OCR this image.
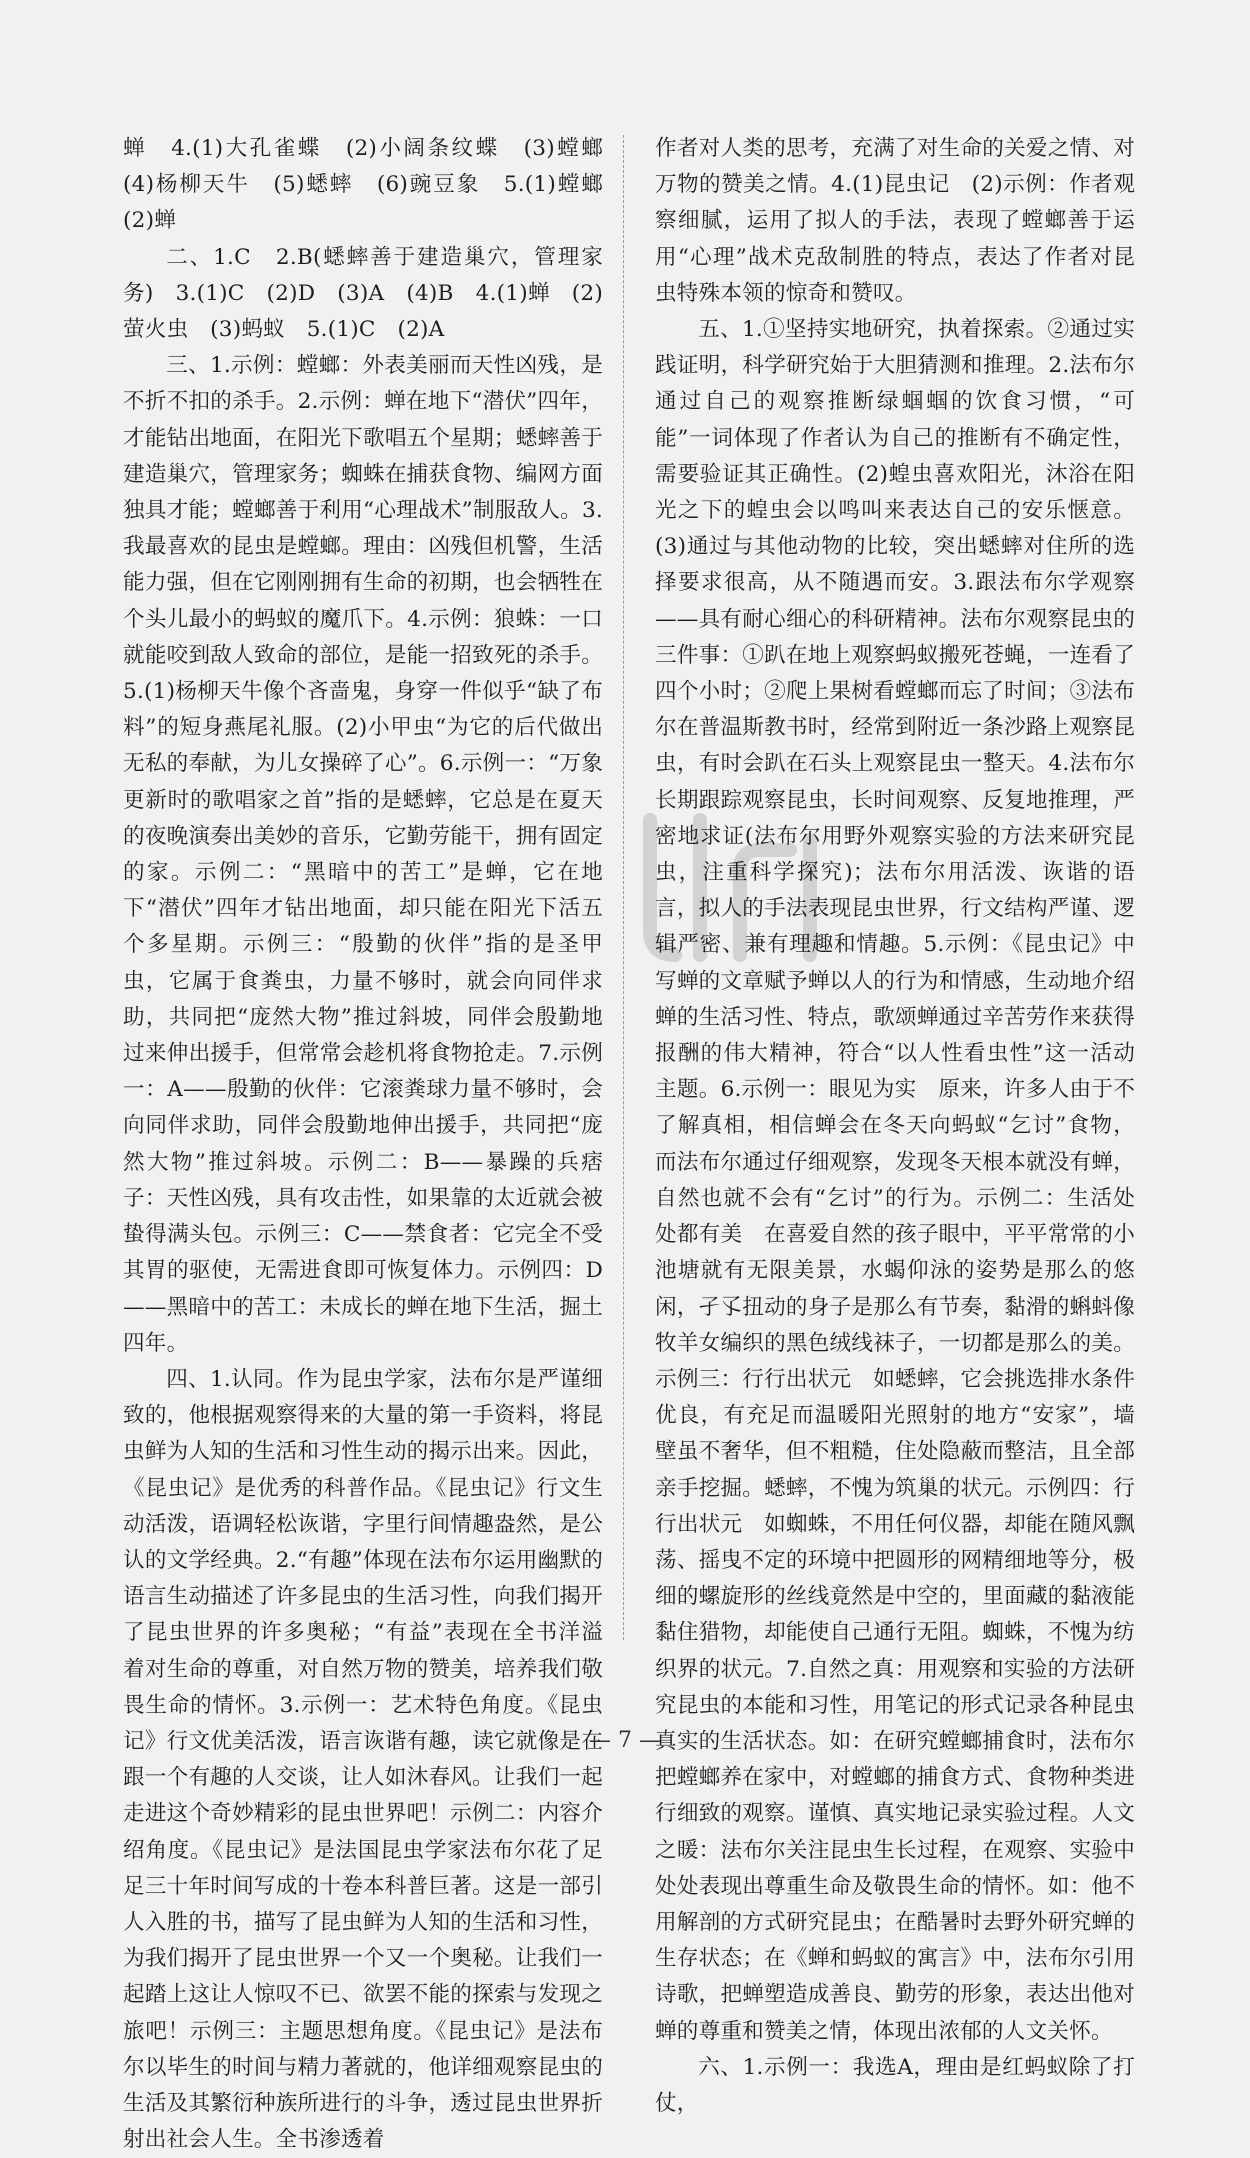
蝉　4.(1)大孔雀蝶　(2)小阔条纹蝶　(3)螳螂　(4)杨柳天牛　(5)蟋蟀　(6)豌豆象　5.(1)螳螂　(2)蝉

二、1.C　2.B(蟋蟀善于建造巢穴，管理家务)　3.(1)C　(2)D　(3)A　(4)B　4.(1)蝉　(2)萤火虫　(3)蚂蚁　5.(1)C　(2)A

三、1.示例：螳螂：外表美丽而天性凶残，是不折不扣的杀手。2.示例：蝉在地下“潜伏”四年，才能钻出地面，在阳光下歌唱五个星期；蟋蟀善于建造巢穴，管理家务；蜘蛛在捕获食物、编网方面独具才能；螳螂善于利用“心理战术”制服敌人。3.我最喜欢的昆虫是螳螂。理由：凶残但机警，生活能力强，但在它刚刚拥有生命的初期，也会牺牲在个头儿最小的蚂蚁的魔爪下。4.示例：狼蛛：一口就能咬到敌人致命的部位，是能一招致死的杀手。5.(1)杨柳天牛像个吝啬鬼，身穿一件似乎“缺了布料”的短身燕尾礼服。(2)小甲虫“为它的后代做出无私的奉献，为儿女操碎了心”。6.示例一：“万象更新时的歌唱家之首”指的是蟋蟀，它总是在夏天的夜晚演奏出美妙的音乐，它勤劳能干，拥有固定的家。示例二：“黑暗中的苦工”是蝉，它在地下“潜伏”四年才钻出地面，却只能在阳光下活五个多星期。示例三：“殷勤的伙伴”指的是圣甲虫，它属于食粪虫，力量不够时，就会向同伴求助，共同把“庞然大物”推过斜坡，同伴会殷勤地过来伸出援手，但常常会趁机将食物抢走。7.示例一：A——殷勤的伙伴：它滚粪球力量不够时，会向同伴求助，同伴会殷勤地伸出援手，共同把“庞然大物”推过斜坡。示例二：B——暴躁的兵痞子：天性凶残，具有攻击性，如果靠的太近就会被蛰得满头包。示例三：C——禁食者：它完全不受其胃的驱使，无需进食即可恢复体力。示例四：D——黑暗中的苦工：未成长的蝉在地下生活，掘土四年。

四、1.认同。作为昆虫学家，法布尔是严谨细致的，他根据观察得来的大量的第一手资料，将昆虫鲜为人知的生活和习性生动的揭示出来。因此，《昆虫记》是优秀的科普作品。《昆虫记》行文生动活泼，语调轻松诙谐，字里行间情趣盎然，是公认的文学经典。2.“有趣”体现在法布尔运用幽默的语言生动描述了许多昆虫的生活习性，向我们揭开了昆虫世界的许多奥秘；“有益”表现在全书洋溢着对生命的尊重，对自然万物的赞美，培养我们敬畏生命的情怀。3.示例一：艺术特色角度。《昆虫记》行文优美活泼，语言诙谐有趣，读它就像是在跟一个有趣的人交谈，让人如沐春风。让我们一起走进这个奇妙精彩的昆虫世界吧！示例二：内容介绍角度。《昆虫记》是法国昆虫学家法布尔花了足足三十年时间写成的十卷本科普巨著。这是一部引人入胜的书，描写了昆虫鲜为人知的生活和习性，为我们揭开了昆虫世界一个又一个奥秘。让我们一起踏上这让人惊叹不已、欲罢不能的探索与发现之旅吧！示例三：主题思想角度。《昆虫记》是法布尔以毕生的时间与精力著就的，他详细观察昆虫的生活及其繁衍种族所进行的斗争，透过昆虫世界折射出社会人生。全书渗透着

作者对人类的思考，充满了对生命的关爱之情、对万物的赞美之情。4.(1)昆虫记　(2)示例：作者观察细腻，运用了拟人的手法，表现了螳螂善于运用“心理”战术克敌制胜的特点，表达了作者对昆虫特殊本领的惊奇和赞叹。

五、1.①坚持实地研究，执着探索。②通过实践证明，科学研究始于大胆猜测和推理。2.法布尔通过自己的观察推断绿蝈蝈的饮食习惯，“可能”一词体现了作者认为自己的推断有不确定性，需要验证其正确性。(2)蝗虫喜欢阳光，沐浴在阳光之下的蝗虫会以鸣叫来表达自己的安乐惬意。(3)通过与其他动物的比较，突出蟋蟀对住所的选择要求很高，从不随遇而安。3.跟法布尔学观察——具有耐心细心的科研精神。法布尔观察昆虫的三件事：①趴在地上观察蚂蚁搬死苍蝇，一连看了四个小时；②爬上果树看螳螂而忘了时间；③法布尔在普温斯教书时，经常到附近一条沙路上观察昆虫，有时会趴在石头上观察昆虫一整天。4.法布尔长期跟踪观察昆虫，长时间观察、反复地推理，严密地求证(法布尔用野外观察实验的方法来研究昆虫，注重科学探究)；法布尔用活泼、诙谐的语言，拟人的手法表现昆虫世界，行文结构严谨、逻辑严密、兼有理趣和情趣。5.示例：《昆虫记》中写蝉的文章赋予蝉以人的行为和情感，生动地介绍蝉的生活习性、特点，歌颂蝉通过辛苦劳作来获得报酬的伟大精神，符合“以人性看虫性”这一活动主题。6.示例一：眼见为实　原来，许多人由于不了解真相，相信蝉会在冬天向蚂蚁“乞讨”食物，而法布尔通过仔细观察，发现冬天根本就没有蝉，自然也就不会有“乞讨”的行为。示例二：生活处处都有美　在喜爱自然的孩子眼中，平平常常的小池塘就有无限美景，水蝎仰泳的姿势是那么的悠闲，孑孓扭动的身子是那么有节奏，黏滑的蝌蚪像牧羊女编织的黑色绒线袜子，一切都是那么的美。示例三：行行出状元　如蟋蟀，它会挑选排水条件优良，有充足而温暖阳光照射的地方“安家”，墙壁虽不奢华，但不粗糙，住处隐蔽而整洁，且全部亲手挖掘。蟋蟀，不愧为筑巢的状元。示例四：行行出状元　如蜘蛛，不用任何仪器，却能在随风飘荡、摇曳不定的环境中把圆形的网精细地等分，极细的螺旋形的丝线竟然是中空的，里面藏的黏液能黏住猎物，却能使自己通行无阻。蜘蛛，不愧为纺织界的状元。7.自然之真：用观察和实验的方法研究昆虫的本能和习性，用笔记的形式记录各种昆虫真实的生活状态。如：在研究螳螂捕食时，法布尔把螳螂养在家中，对螳螂的捕食方式、食物种类进行细致的观察。谨慎、真实地记录实验过程。人文之暖：法布尔关注昆虫生长过程，在观察、实验中处处表现出尊重生命及敬畏生命的情怀。如：他不用解剖的方式研究昆虫；在酷暑时去野外研究蝉的生存状态；在《蝉和蚂蚁的寓言》中，法布尔引用诗歌，把蝉塑造成善良、勤劳的形象，表达出他对蝉的尊重和赞美之情，体现出浓郁的人文关怀。

六、1.示例一：我选A，理由是红蚂蚁除了打仗，

— 7 —
